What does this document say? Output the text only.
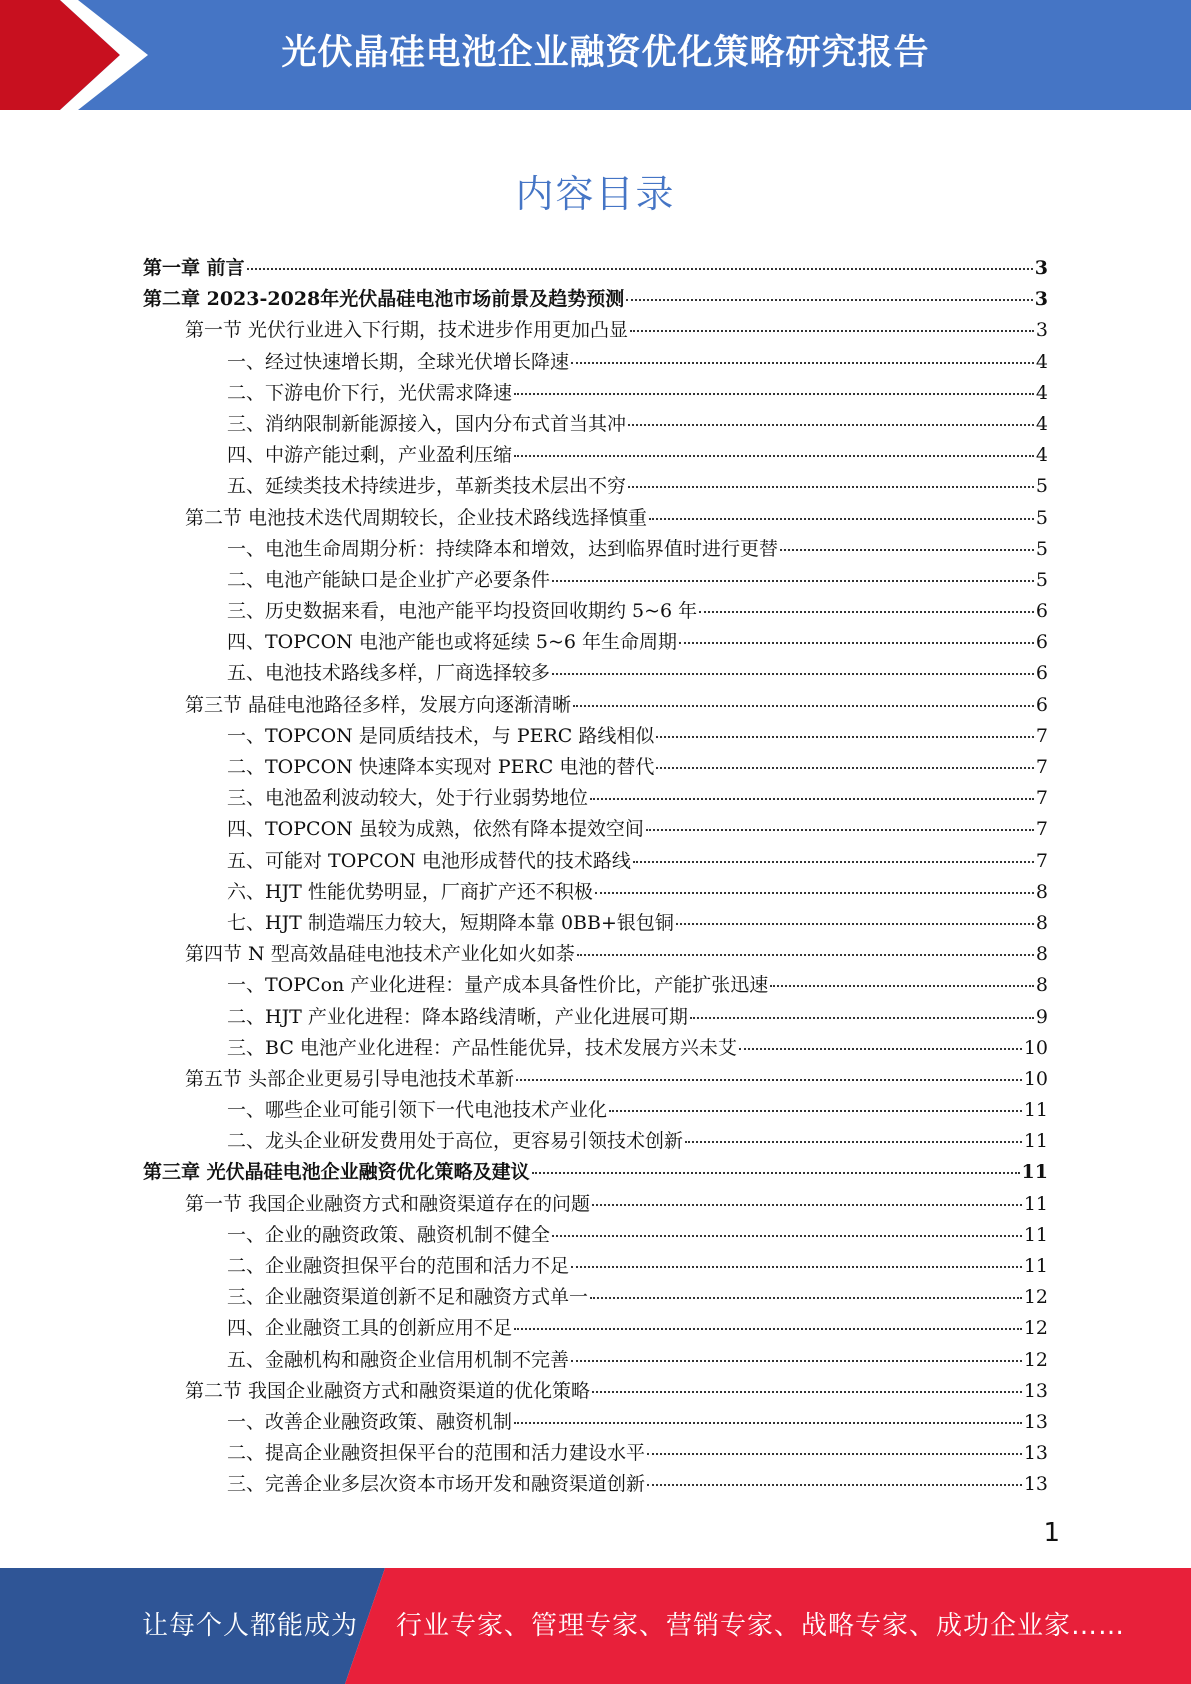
光伏晶硅电池企业融资优化策略研究报告
内容目录
第一章 前言	3
第二章 2023-2028年光伏晶硅电池市场前景及趋势预测	3
第一节 光伏行业进入下行期，技术进步作用更加凸显	3
一、经过快速增长期，全球光伏增长降速	4
二、下游电价下行，光伏需求降速	4
三、消纳限制新能源接入，国内分布式首当其冲	4
四、中游产能过剩，产业盈利压缩	4
五、延续类技术持续进步，革新类技术层出不穷	5
第二节 电池技术迭代周期较长，企业技术路线选择慎重	5
一、电池生命周期分析：持续降本和增效，达到临界值时进行更替	5
二、电池产能缺口是企业扩产必要条件	5
三、历史数据来看，电池产能平均投资回收期约 5~6 年	6
四、TOPCON 电池产能也或将延续 5~6 年生命周期	6
五、电池技术路线多样，厂商选择较多	6
第三节 晶硅电池路径多样，发展方向逐渐清晰	6
一、TOPCON 是同质结技术，与 PERC 路线相似	7
二、TOPCON 快速降本实现对 PERC 电池的替代	7
三、电池盈利波动较大，处于行业弱势地位	7
四、TOPCON 虽较为成熟，依然有降本提效空间	7
五、可能对 TOPCON 电池形成替代的技术路线	7
六、HJT 性能优势明显，厂商扩产还不积极	8
七、HJT 制造端压力较大，短期降本靠 0BB+银包铜	8
第四节 N 型高效晶硅电池技术产业化如火如荼	8
一、TOPCon 产业化进程：量产成本具备性价比，产能扩张迅速	8
二、HJT 产业化进程：降本路线清晰，产业化进展可期	9
三、BC 电池产业化进程：产品性能优异，技术发展方兴未艾	10
第五节 头部企业更易引导电池技术革新	10
一、哪些企业可能引领下一代电池技术产业化	11
二、龙头企业研发费用处于高位，更容易引领技术创新	11
第三章 光伏晶硅电池企业融资优化策略及建议	11
第一节 我国企业融资方式和融资渠道存在的问题	11
一、企业的融资政策、融资机制不健全	11
二、企业融资担保平台的范围和活力不足	11
三、企业融资渠道创新不足和融资方式单一	12
四、企业融资工具的创新应用不足	12
五、金融机构和融资企业信用机制不完善	12
第二节 我国企业融资方式和融资渠道的优化策略	13
一、改善企业融资政策、融资机制	13
二、提高企业融资担保平台的范围和活力建设水平	13
三、完善企业多层次资本市场开发和融资渠道创新	13
1
让每个人都能成为 行业专家、管理专家、营销专家、战略专家、成功企业家……
